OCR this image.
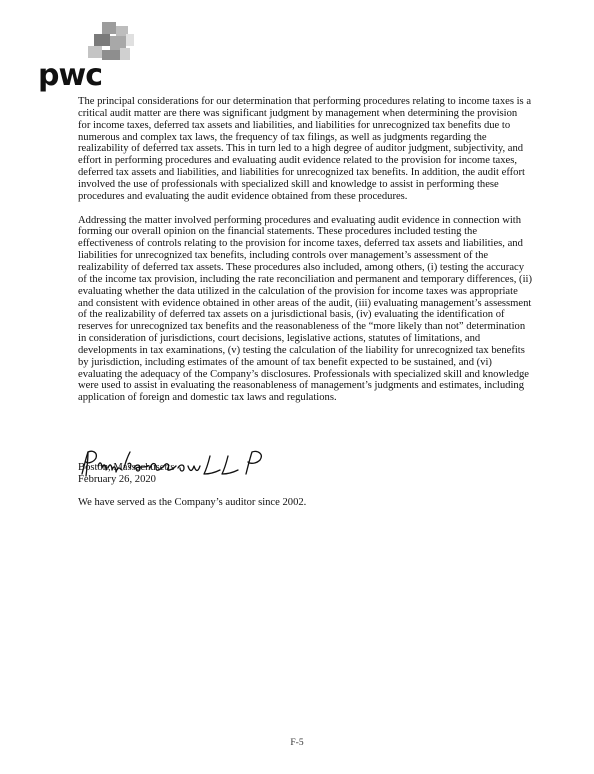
pwc

The principal considerations for our determination that performing procedures relating to income taxes is a critical audit matter are there was significant judgment by management when determining the provision for income taxes, deferred tax assets and liabilities, and liabilities for unrecognized tax benefits due to numerous and complex tax laws, the frequency of tax filings, as well as judgments regarding the realizability of deferred tax assets. This in turn led to a high degree of auditor judgment, subjectivity, and effort in performing procedures and evaluating audit evidence related to the provision for income taxes, deferred tax assets and liabilities, and liabilities for unrecognized tax benefits. In addition, the audit effort involved the use of professionals with specialized skill and knowledge to assist in performing these procedures and evaluating the audit evidence obtained from these procedures.

Addressing the matter involved performing procedures and evaluating audit evidence in connection with forming our overall opinion on the financial statements. These procedures included testing the effectiveness of controls relating to the provision for income taxes, deferred tax assets and liabilities, and liabilities for unrecognized tax benefits, including controls over management’s assessment of the realizability of deferred tax assets. These procedures also included, among others, (i) testing the accuracy of the income tax provision, including the rate reconciliation and permanent and temporary differences, (ii) evaluating whether the data utilized in the calculation of the provision for income taxes was appropriate and consistent with evidence obtained in other areas of the audit, (iii) evaluating management’s assessment of the realizability of deferred tax assets on a jurisdictional basis, (iv) evaluating the identification of reserves for unrecognized tax benefits and the reasonableness of the “more likely than not” determination in consideration of jurisdictions, court decisions, legislative actions, statutes of limitations, and developments in tax examinations, (v) testing the calculation of the liability for unrecognized tax benefits by jurisdiction, including estimates of the amount of tax benefit expected to be sustained, and (vi) evaluating the adequacy of the Company’s disclosures. Professionals with specialized skill and knowledge were used to assist in evaluating the reasonableness of management’s judgments and estimates, including application of foreign and domestic tax laws and regulations.

Boston, Massachusetts
February 26, 2020
We have served as the Company’s auditor since 2002.
F-5
